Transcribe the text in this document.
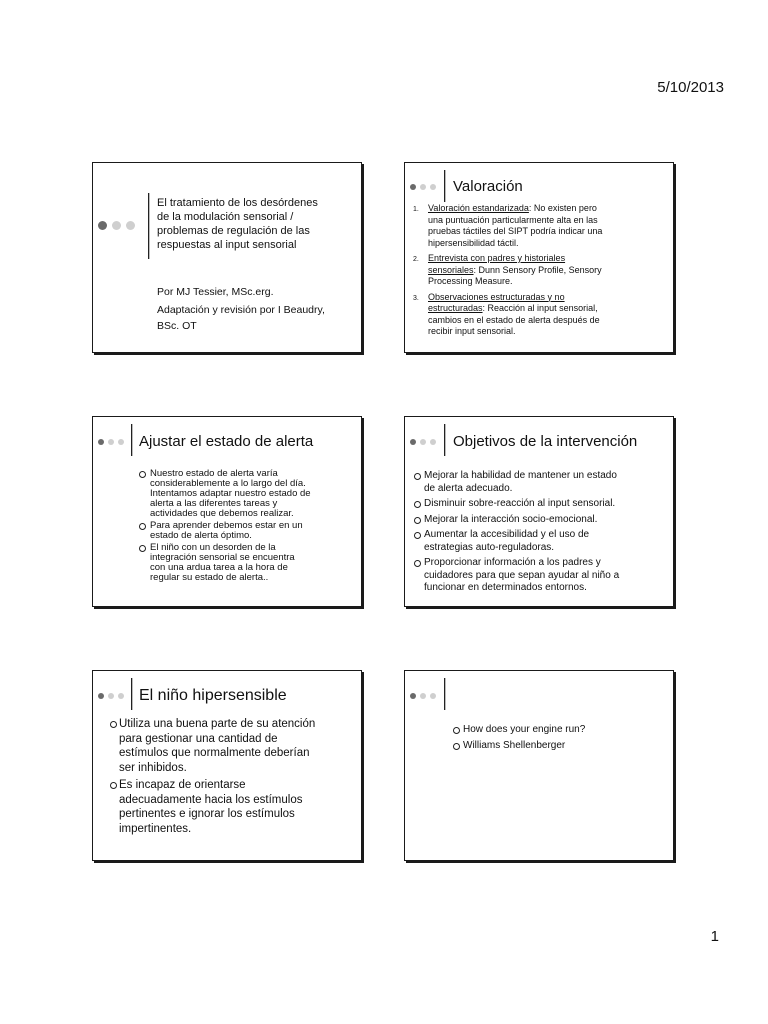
5/10/2013
El tratamiento de los desórdenes
de la modulación sensorial /
problemas de regulación de las
respuestas al input sensorial
Por MJ Tessier, MSc.erg.
Adaptación y revisión por I Beaudry,
BSc. OT
Valoración
1. Valoración estandarizada: No existen pero
una puntuación particularmente alta en las
pruebas táctiles del SIPT podría indicar una
hipersensibilidad táctil.
2. Entrevista con padres y historiales
sensoriales: Dunn Sensory Profile, Sensory
Processing Measure.
3. Observaciones estructuradas y no
estructuradas: Reacción al input sensorial,
cambios en el estado de alerta después de
recibir input sensorial.
Ajustar el estado de alerta
Nuestro estado de alerta varía
considerablemente a lo largo del día.
Intentamos adaptar nuestro estado de
alerta a las diferentes tareas y
actividades que debemos realizar.
Para aprender debemos estar en un
estado de alerta óptimo.
El niño con un desorden de la
integración sensorial se encuentra
con una ardua tarea a la hora de
regular su estado de alerta..
Objetivos de la intervención
Mejorar la habilidad de mantener un estado
de alerta adecuado.
Disminuir sobre-reacción al input sensorial.
Mejorar la interacción socio-emocional.
Aumentar la accesibilidad y el uso de
estrategias auto-reguladoras.
Proporcionar información a los padres y
cuidadores para que sepan ayudar al niño a
funcionar en determinados entornos.
El niño hipersensible
Utiliza una buena parte de su atención
para gestionar una cantidad de
estímulos que normalmente deberían
ser inhibidos.
Es incapaz de orientarse
adecuadamente hacia los estímulos
pertinentes e ignorar los estímulos
impertinentes.
How does your engine run?
Williams Shellenberger
1
